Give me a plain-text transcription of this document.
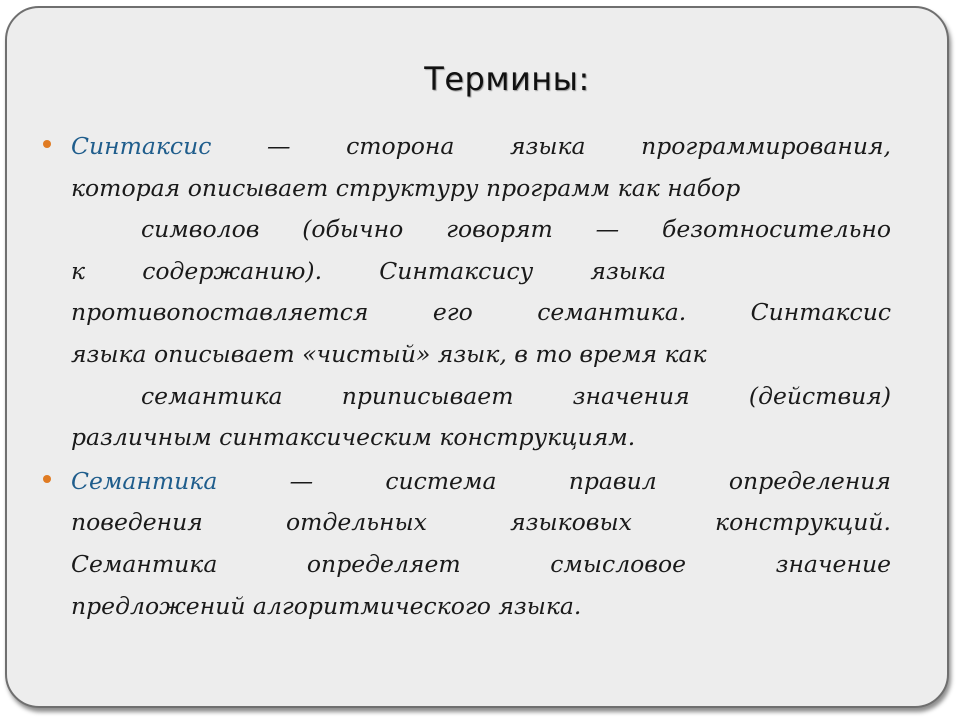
Термины:
Синтаксис — сторона языка программирования,
которая описывает структуру программ как набор
символов (обычно говорят — безотносительно
к содержанию). Синтаксису языка
противопоставляется его семантика. Синтаксис
языка описывает «чистый» язык, в то время как
семантика приписывает значения (действия)
различным синтаксическим конструкциям.
Семантика — система правил определения
поведения отдельных языковых конструкций.
Семантика определяет смысловое значение
предложений алгоритмического языка.
